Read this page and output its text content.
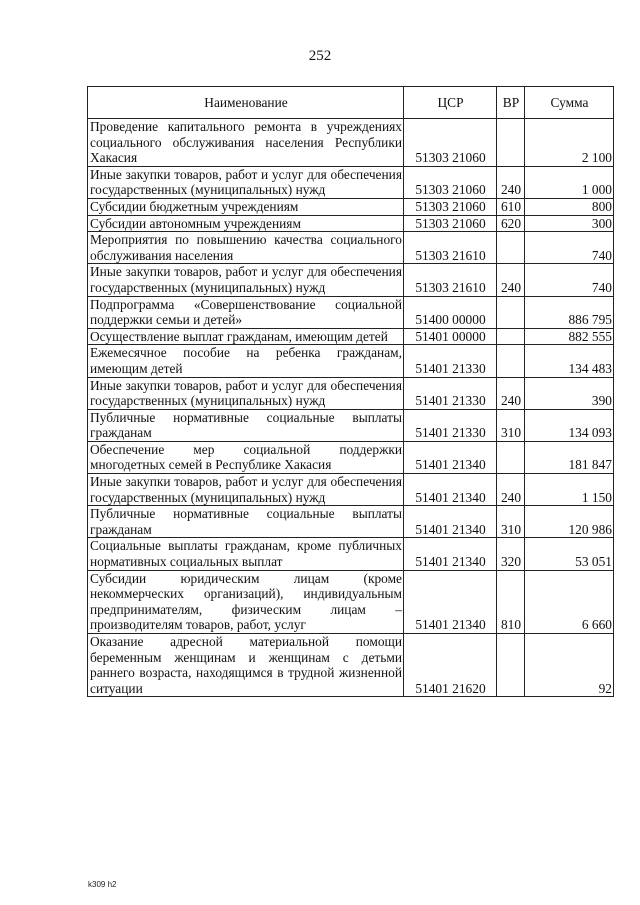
252
Наименование	ЦСР	ВР	Сумма
Проведение капитального ремонта в учреждениях социального обслуживания населения Республики Хакасия	51303 21060		2 100
Иные закупки товаров, работ и услуг для обеспечения государственных (муниципальных) нужд	51303 21060	240	1 000
Субсидии бюджетным учреждениям	51303 21060	610	800
Субсидии автономным учреждениям	51303 21060	620	300
Мероприятия по повышению качества социального обслуживания населения	51303 21610		740
Иные закупки товаров, работ и услуг для обеспечения государственных (муниципальных) нужд	51303 21610	240	740
Подпрограмма «Совершенствование социальной поддержки семьи и детей»	51400 00000		886 795
Осуществление выплат гражданам, имеющим детей	51401 00000		882 555
Ежемесячное пособие на ребенка гражданам, имеющим детей	51401 21330		134 483
Иные закупки товаров, работ и услуг для обеспечения государственных (муниципальных) нужд	51401 21330	240	390
Публичные нормативные социальные выплаты гражданам	51401 21330	310	134 093
Обеспечение мер социальной поддержки многодетных семей в Республике Хакасия	51401 21340		181 847
Иные закупки товаров, работ и услуг для обеспечения государственных (муниципальных) нужд	51401 21340	240	1 150
Публичные нормативные социальные выплаты гражданам	51401 21340	310	120 986
Социальные выплаты гражданам, кроме публичных нормативных социальных выплат	51401 21340	320	53 051
Субсидии юридическим лицам (кроме некоммерческих организаций), индивидуальным предпринимателям, физическим лицам – производителям товаров, работ, услуг	51401 21340	810	6 660
Оказание адресной материальной помощи беременным женщинам и женщинам с детьми раннего возраста, находящимся в трудной жизненной ситуации	51401 21620		92
k309 h2
